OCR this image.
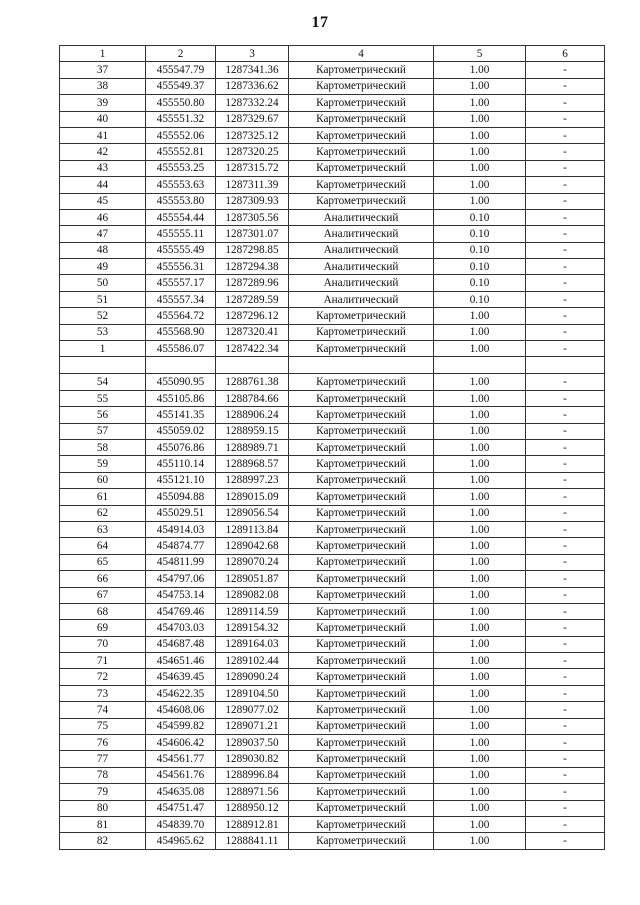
17
1	2	3	4	5	6
37	455547.79	1287341.36	Картометрический	1.00	-
38	455549.37	1287336.62	Картометрический	1.00	-
39	455550.80	1287332.24	Картометрический	1.00	-
40	455551.32	1287329.67	Картометрический	1.00	-
41	455552.06	1287325.12	Картометрический	1.00	-
42	455552.81	1287320.25	Картометрический	1.00	-
43	455553.25	1287315.72	Картометрический	1.00	-
44	455553.63	1287311.39	Картометрический	1.00	-
45	455553.80	1287309.93	Картометрический	1.00	-
46	455554.44	1287305.56	Аналитический	0.10	-
47	455555.11	1287301.07	Аналитический	0.10	-
48	455555.49	1287298.85	Аналитический	0.10	-
49	455556.31	1287294.38	Аналитический	0.10	-
50	455557.17	1287289.96	Аналитический	0.10	-
51	455557.34	1287289.59	Аналитический	0.10	-
52	455564.72	1287296.12	Картометрический	1.00	-
53	455568.90	1287320.41	Картометрический	1.00	-
1	455586.07	1287422.34	Картометрический	1.00	-

54	455090.95	1288761.38	Картометрический	1.00	-
55	455105.86	1288784.66	Картометрический	1.00	-
56	455141.35	1288906.24	Картометрический	1.00	-
57	455059.02	1288959.15	Картометрический	1.00	-
58	455076.86	1288989.71	Картометрический	1.00	-
59	455110.14	1288968.57	Картометрический	1.00	-
60	455121.10	1288997.23	Картометрический	1.00	-
61	455094.88	1289015.09	Картометрический	1.00	-
62	455029.51	1289056.54	Картометрический	1.00	-
63	454914.03	1289113.84	Картометрический	1.00	-
64	454874.77	1289042.68	Картометрический	1.00	-
65	454811.99	1289070.24	Картометрический	1.00	-
66	454797.06	1289051.87	Картометрический	1.00	-
67	454753.14	1289082.08	Картометрический	1.00	-
68	454769.46	1289114.59	Картометрический	1.00	-
69	454703.03	1289154.32	Картометрический	1.00	-
70	454687.48	1289164.03	Картометрический	1.00	-
71	454651.46	1289102.44	Картометрический	1.00	-
72	454639.45	1289090.24	Картометрический	1.00	-
73	454622.35	1289104.50	Картометрический	1.00	-
74	454608.06	1289077.02	Картометрический	1.00	-
75	454599.82	1289071.21	Картометрический	1.00	-
76	454606.42	1289037.50	Картометрический	1.00	-
77	454561.77	1289030.82	Картометрический	1.00	-
78	454561.76	1288996.84	Картометрический	1.00	-
79	454635.08	1288971.56	Картометрический	1.00	-
80	454751.47	1288950.12	Картометрический	1.00	-
81	454839.70	1288912.81	Картометрический	1.00	-
82	454965.62	1288841.11	Картометрический	1.00	-
